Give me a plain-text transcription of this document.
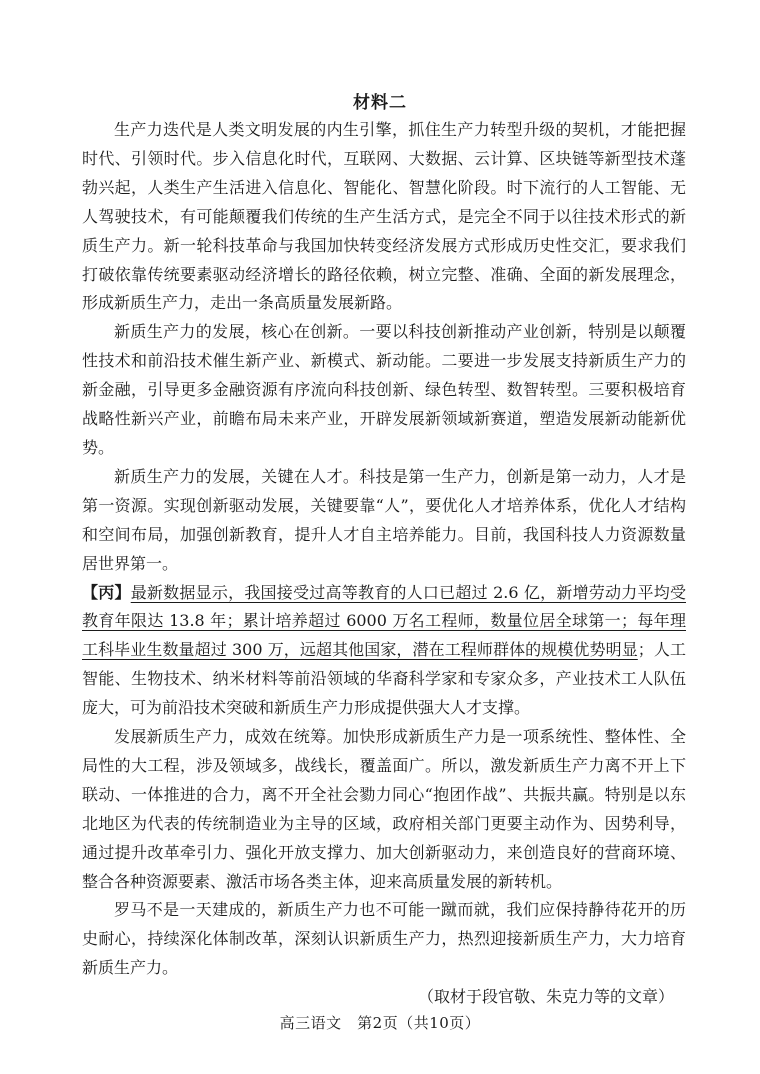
材料二

生产力迭代是人类文明发展的内生引擎，抓住生产力转型升级的契机，才能把握时代、引领时代。步入信息化时代，互联网、大数据、云计算、区块链等新型技术蓬勃兴起，人类生产生活进入信息化、智能化、智慧化阶段。时下流行的人工智能、无人驾驶技术，有可能颠覆我们传统的生产生活方式，是完全不同于以往技术形式的新质生产力。新一轮科技革命与我国加快转变经济发展方式形成历史性交汇，要求我们打破依靠传统要素驱动经济增长的路径依赖，树立完整、准确、全面的新发展理念，形成新质生产力，走出一条高质量发展新路。

新质生产力的发展，核心在创新。一要以科技创新推动产业创新，特别是以颠覆性技术和前沿技术催生新产业、新模式、新动能。二要进一步发展支持新质生产力的新金融，引导更多金融资源有序流向科技创新、绿色转型、数智转型。三要积极培育战略性新兴产业，前瞻布局未来产业，开辟发展新领域新赛道，塑造发展新动能新优势。

新质生产力的发展，关键在人才。科技是第一生产力，创新是第一动力，人才是第一资源。实现创新驱动发展，关键要靠“人”，要优化人才培养体系，优化人才结构和空间布局，加强创新教育，提升人才自主培养能力。目前，我国科技人力资源数量居世界第一。

【丙】最新数据显示，我国接受过高等教育的人口已超过 2.6 亿，新增劳动力平均受教育年限达 13.8 年；累计培养超过 6000 万名工程师，数量位居全球第一；每年理工科毕业生数量超过 300 万，远超其他国家，潜在工程师群体的规模优势明显；人工智能、生物技术、纳米材料等前沿领域的华裔科学家和专家众多，产业技术工人队伍庞大，可为前沿技术突破和新质生产力形成提供强大人才支撑。

发展新质生产力，成效在统筹。加快形成新质生产力是一项系统性、整体性、全局性的大工程，涉及领域多，战线长，覆盖面广。所以，激发新质生产力离不开上下联动、一体推进的合力，离不开全社会勠力同心“抱团作战”、共振共赢。特别是以东北地区为代表的传统制造业为主导的区域，政府相关部门更要主动作为、因势利导，通过提升改革牵引力、强化开放支撑力、加大创新驱动力，来创造良好的营商环境、整合各种资源要素、激活市场各类主体，迎来高质量发展的新转机。

罗马不是一天建成的，新质生产力也不可能一蹴而就，我们应保持静待花开的历史耐心，持续深化体制改革，深刻认识新质生产力，热烈迎接新质生产力，大力培育新质生产力。

（取材于段官敬、朱克力等的文章）

高三语文　第2页（共10页）
